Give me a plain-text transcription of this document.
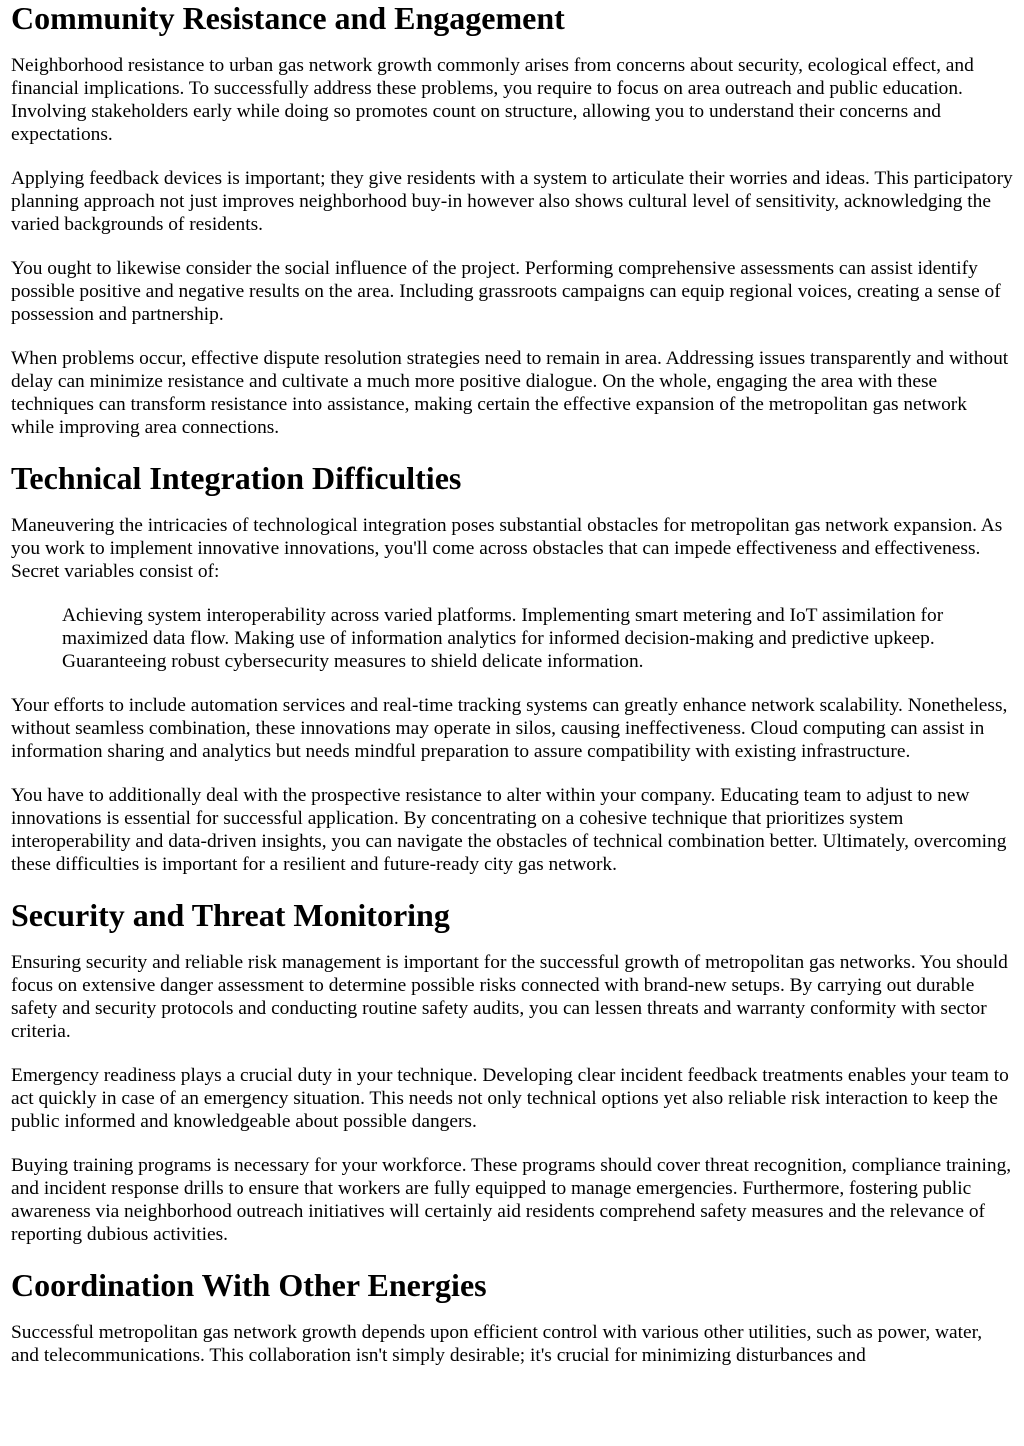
Community Resistance and Engagement

Neighborhood resistance to urban gas network growth commonly arises from concerns about security, ecological effect, and financial implications. To successfully address these problems, you require to focus on area outreach and public education. Involving stakeholders early while doing so promotes count on structure, allowing you to understand their concerns and expectations.

Applying feedback devices is important; they give residents with a system to articulate their worries and ideas. This participatory planning approach not just improves neighborhood buy-in however also shows cultural level of sensitivity, acknowledging the varied backgrounds of residents.

You ought to likewise consider the social influence of the project. Performing comprehensive assessments can assist identify possible positive and negative results on the area. Including grassroots campaigns can equip regional voices, creating a sense of possession and partnership.

When problems occur, effective dispute resolution strategies need to remain in area. Addressing issues transparently and without delay can minimize resistance and cultivate a much more positive dialogue. On the whole, engaging the area with these techniques can transform resistance into assistance, making certain the effective expansion of the metropolitan gas network while improving area connections.

Technical Integration Difficulties

Maneuvering the intricacies of technological integration poses substantial obstacles for metropolitan gas network expansion. As you work to implement innovative innovations, you'll come across obstacles that can impede effectiveness and effectiveness. Secret variables consist of:

Achieving system interoperability across varied platforms. Implementing smart metering and IoT assimilation for maximized data flow. Making use of information analytics for informed decision-making and predictive upkeep. Guaranteeing robust cybersecurity measures to shield delicate information.

Your efforts to include automation services and real-time tracking systems can greatly enhance network scalability. Nonetheless, without seamless combination, these innovations may operate in silos, causing ineffectiveness. Cloud computing can assist in information sharing and analytics but needs mindful preparation to assure compatibility with existing infrastructure.

You have to additionally deal with the prospective resistance to alter within your company. Educating team to adjust to new innovations is essential for successful application. By concentrating on a cohesive technique that prioritizes system interoperability and data-driven insights, you can navigate the obstacles of technical combination better. Ultimately, overcoming these difficulties is important for a resilient and future-ready city gas network.

Security and Threat Monitoring

Ensuring security and reliable risk management is important for the successful growth of metropolitan gas networks. You should focus on extensive danger assessment to determine possible risks connected with brand-new setups. By carrying out durable safety and security protocols and conducting routine safety audits, you can lessen threats and warranty conformity with sector criteria.

Emergency readiness plays a crucial duty in your technique. Developing clear incident feedback treatments enables your team to act quickly in case of an emergency situation. This needs not only technical options yet also reliable risk interaction to keep the public informed and knowledgeable about possible dangers.

Buying training programs is necessary for your workforce. These programs should cover threat recognition, compliance training, and incident response drills to ensure that workers are fully equipped to manage emergencies. Furthermore, fostering public awareness via neighborhood outreach initiatives will certainly aid residents comprehend safety measures and the relevance of reporting dubious activities.

Coordination With Other Energies

Successful metropolitan gas network growth depends upon efficient control with various other utilities, such as power, water, and telecommunications. This collaboration isn't simply desirable; it's crucial for minimizing disturbances and
